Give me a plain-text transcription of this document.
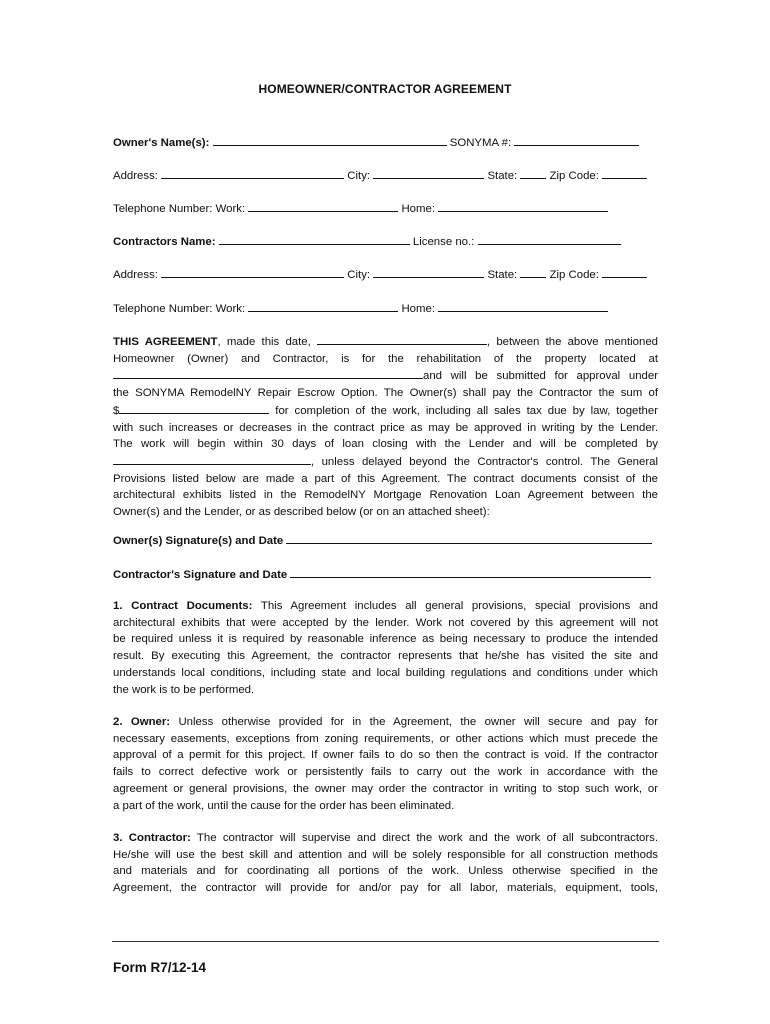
HOMEOWNER/CONTRACTOR AGREEMENT
Owner's Name(s):	SONYMA #:
Address:	City:	State:	Zip Code:
Telephone Number: Work:	Home:
Contractors Name:	License no.:
Address:	City:	State:	Zip Code:
Telephone Number: Work:	Home:
THIS AGREEMENT, made this date,	, between the above mentioned
Homeowner (Owner) and Contractor, is for the rehabilitation of the property located at
and will be submitted for approval under
the SONYMA RemodelNY Repair Escrow Option. The Owner(s) shall pay the Contractor the sum of
$	for completion of the work, including all sales tax due by law, together
with such increases or decreases in the contract price as may be approved in writing by the Lender.
The work will begin within 30 days of loan closing with the Lender and will be completed by
, unless delayed beyond the Contractor's control. The General
Provisions listed below are made a part of this Agreement. The contract documents consist of the
architectural exhibits listed in the RemodelNY Mortgage Renovation Loan Agreement between the
Owner(s) and the Lender, or as described below (or on an attached sheet):
Owner(s) Signature(s) and Date
Contractor's Signature and Date
1. Contract Documents: This Agreement includes all general provisions, special provisions and
architectural exhibits that were accepted by the lender. Work not covered by this agreement will not
be required unless it is required by reasonable inference as being necessary to produce the intended
result. By executing this Agreement, the contractor represents that he/she has visited the site and
understands local conditions, including state and local building regulations and conditions under which
the work is to be performed.
2. Owner: Unless otherwise provided for in the Agreement, the owner will secure and pay for
necessary easements, exceptions from zoning requirements, or other actions which must precede the
approval of a permit for this project. If owner fails to do so then the contract is void. If the contractor
fails to correct defective work or persistently fails to carry out the work in accordance with the
agreement or general provisions, the owner may order the contractor in writing to stop such work, or
a part of the work, until the cause for the order has been eliminated.
3. Contractor: The contractor will supervise and direct the work and the work of all subcontractors.
He/she will use the best skill and attention and will be solely responsible for all construction methods
and materials and for coordinating all portions of the work. Unless otherwise specified in the
Agreement, the contractor will provide for and/or pay for all labor, materials, equipment, tools,
Form R7/12-14
